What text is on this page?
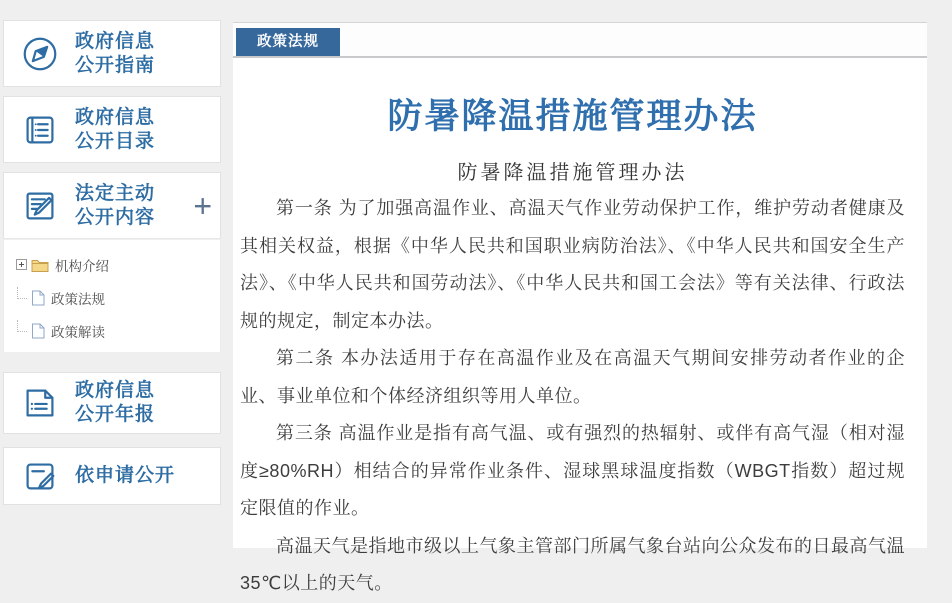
政府信息
公开指南
政府信息
公开目录
法定主动
公开内容 +
机构介绍
政策法规
政策解读
政府信息
公开年报
依申请公开
政策法规
防暑降温措施管理办法
防暑降温措施管理办法

第一条 为了加强高温作业、高温天气作业劳动保护工作，维护劳动者健康及其相关权益，根据《中华人民共和国职业病防治法》、《中华人民共和国安全生产法》、《中华人民共和国劳动法》、《中华人民共和国工会法》等有关法律、行政法规的规定，制定本办法。

第二条 本办法适用于存在高温作业及在高温天气期间安排劳动者作业的企业、事业单位和个体经济组织等用人单位。

第三条 高温作业是指有高气温、或有强烈的热辐射、或伴有高气湿（相对湿度≥80%RH）相结合的异常作业条件、湿球黑球温度指数（WBGT指数）超过规定限值的作业。

高温天气是指地市级以上气象主管部门所属气象台站向公众发布的日最高气温35℃以上的天气。
